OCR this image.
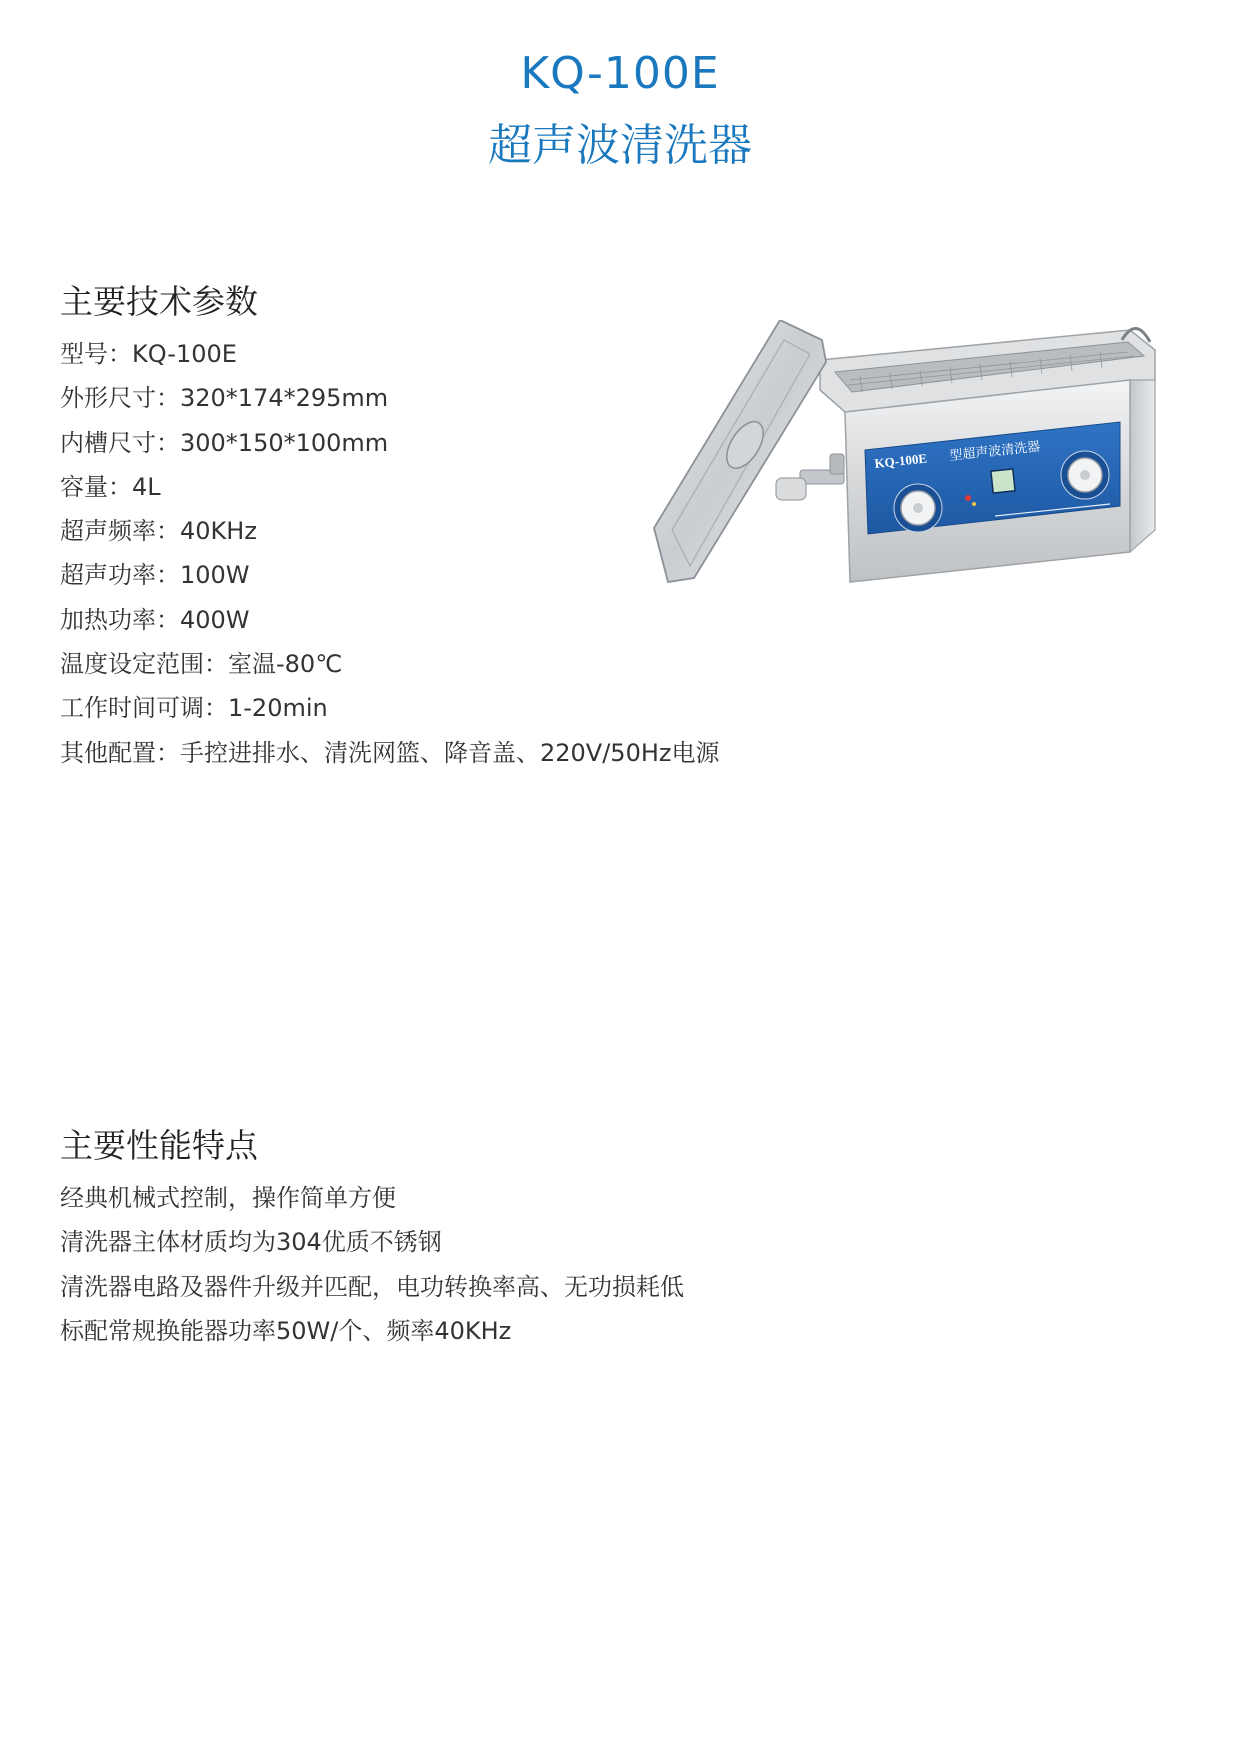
KQ-100E
超声波清洗器
主要技术参数
型号：KQ-100E
外形尺寸：320*174*295mm
内槽尺寸：300*150*100mm
容量：4L
超声频率：40KHz
超声功率：100W
加热功率：400W
温度设定范围：室温-80℃
工作时间可调：1-20min
其他配置：手控进排水、清洗网篮、降音盖、220V/50Hz电源
KQ-100E 型超声波清洗器
主要性能特点
经典机械式控制，操作简单方便
清洗器主体材质均为304优质不锈钢
清洗器电路及器件升级并匹配，电功转换率高、无功损耗低
标配常规换能器功率50W/个、频率40KHz
